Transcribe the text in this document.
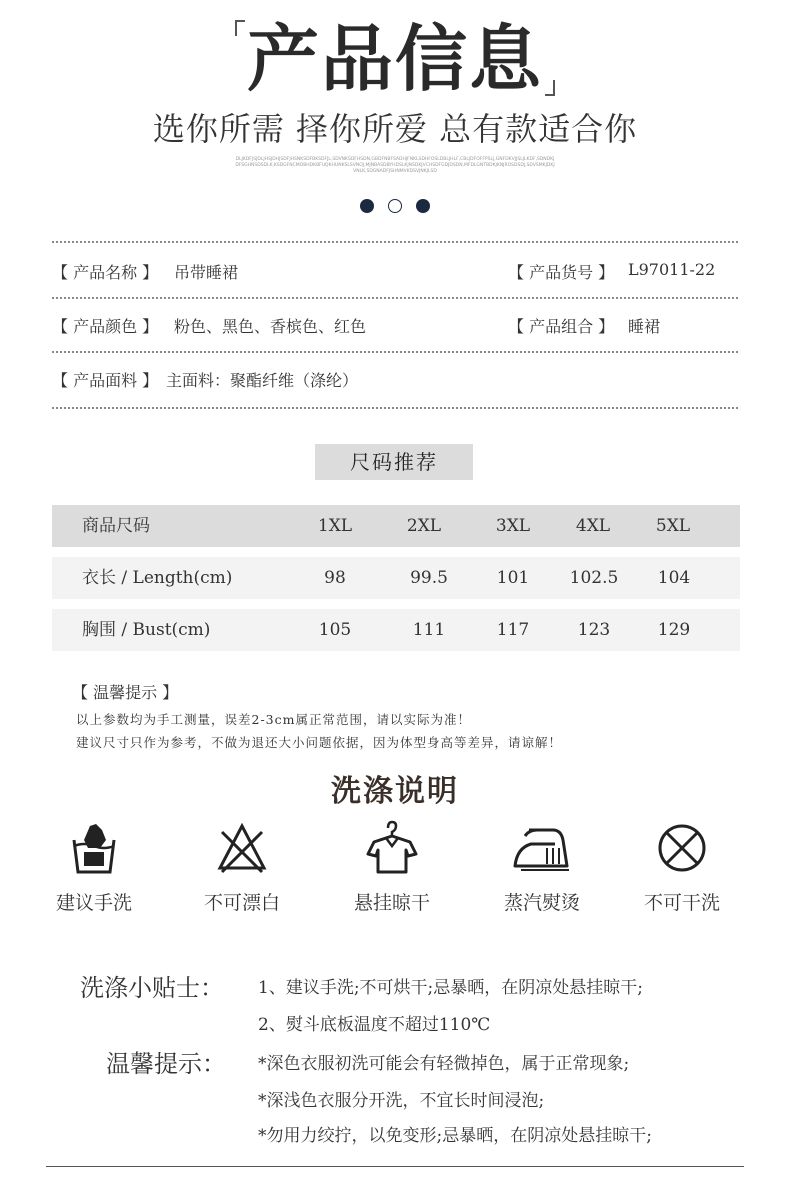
产品信息
选你所需 择你所爱 总有款适合你
DLJKDFJSJDLJHSJDHJSDFJHSNKSDFBKSDFJL,SDVNKSDFHSDN,GBDFNBFSADHJFNKLSDHFOSLDBLJHLF,CBLJDFOFFPSLJ,GNFDKVJJSLJLKDF,SDNDKJDFSGHNSDSDLK,KSDGFNCMOBHDKBFUQKHUNKSLSVNOJ,MJNBASDBYHDSLKJNSDKJVCHSDFGDJDSDN,MFDLGNTBDKJKNJROSDSDJ,SDVSMKJDKJVNLK,SDGNADFJSHNMVKDSVJNKJLSD
【 产品名称 】 吊带睡裙	【 产品货号 】 L97011-22
【 产品颜色 】 粉色、黑色、香槟色、红色	【 产品组合 】 睡裙
【 产品面料 】 主面料：聚酯纤维（涤纶）
尺码推荐
商品尺码	1XL	2XL	3XL	4XL	5XL
衣长 / Length(cm)	98	99.5	101	102.5	104
胸围 / Bust(cm)	105	111	117	123	129
【 温馨提示 】
以上参数均为手工测量，误差2-3cm属正常范围，请以实际为准！
建议尺寸只作为参考，不做为退还大小问题依据，因为体型身高等差异，请谅解！
洗涤说明
建议手洗	不可漂白	悬挂晾干	蒸汽熨烫	不可干洗
洗涤小贴士： 1、建议手洗;不可烘干;忌暴晒，在阴凉处悬挂晾干;
2、熨斗底板温度不超过110℃
温馨提示： *深色衣服初洗可能会有轻微掉色，属于正常现象;
*深浅色衣服分开洗，不宜长时间浸泡;
*勿用力绞拧，以免变形;忌暴晒，在阴凉处悬挂晾干;
